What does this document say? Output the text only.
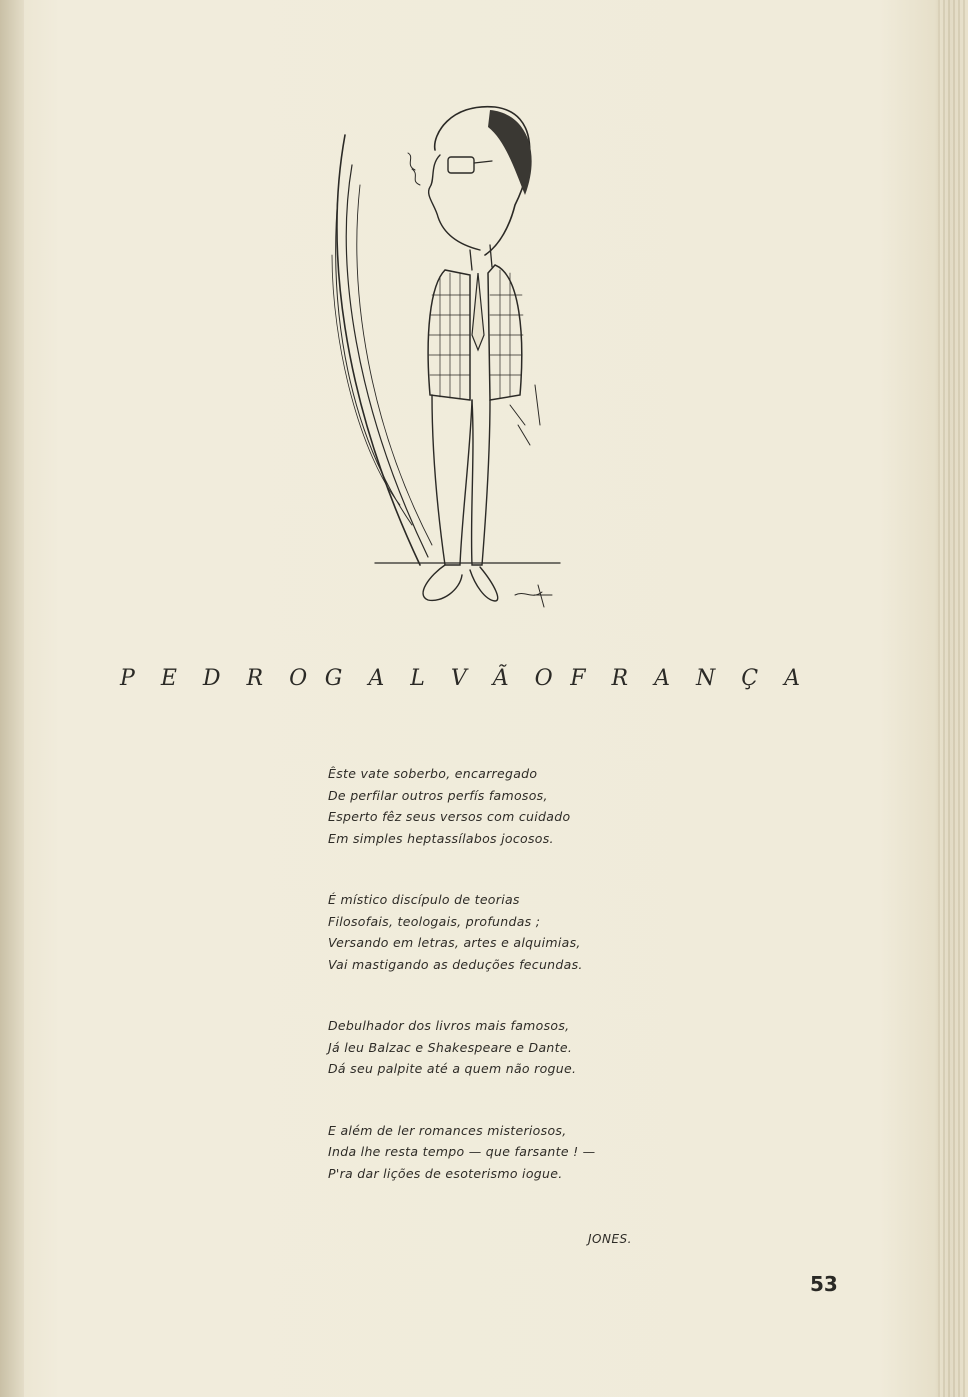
P E D R O G A L V Ã O F R A N Ç A
Êste vate soberbo, encarregado
De perfilar outros perfís famosos,
Esperto fêz seus versos com cuidado
Em simples heptassílabos jocosos.
É místico discípulo de teorias
Filosofais, teologais, profundas ;
Versando em letras, artes e alquimias,
Vai mastigando as deduções fecundas.
Debulhador dos livros mais famosos,
Já leu Balzac e Shakespeare e Dante.
Dá seu palpite até a quem não rogue.
E além de ler romances misteriosos,
Inda lhe resta tempo — que farsante ! —
P'ra dar lições de esoterismo iogue.
JONES.
53
